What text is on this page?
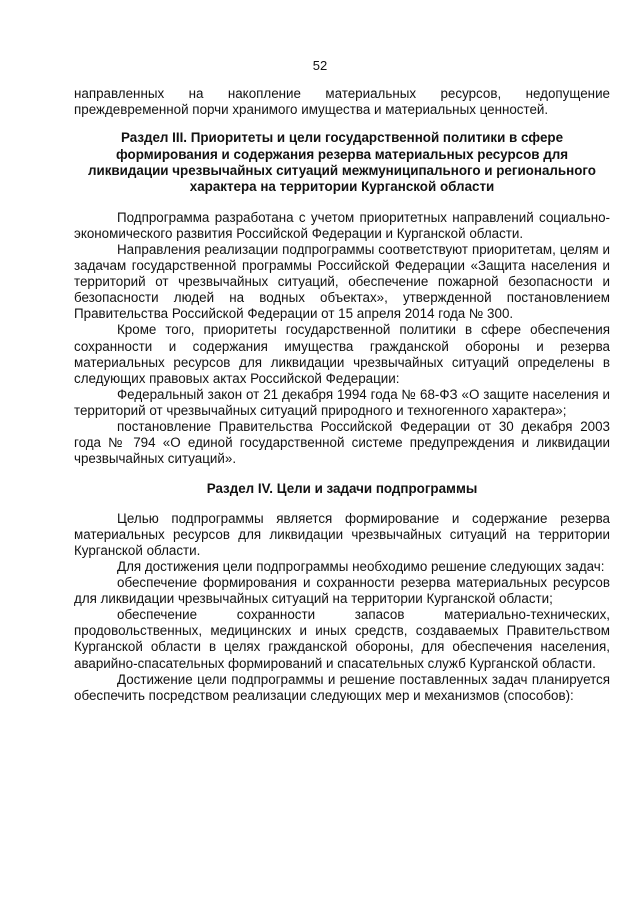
52

направленных на накопление материальных ресурсов, недопущение преждевременной порчи хранимого имущества и материальных ценностей.

Раздел III. Приоритеты и цели государственной политики в сфере формирования и содержания резерва материальных ресурсов для ликвидации чрезвычайных ситуаций межмуниципального и регионального характера на территории Курганской области

Подпрограмма разработана с учетом приоритетных направлений социально-экономического развития Российской Федерации и Курганской области.

Направления реализации подпрограммы соответствуют приоритетам, целям и задачам государственной программы Российской Федерации «Защита населения и территорий от чрезвычайных ситуаций, обеспечение пожарной безопасности и безопасности людей на водных объектах», утвержденной постановлением Правительства Российской Федерации от 15 апреля 2014 года № 300.

Кроме того, приоритеты государственной политики в сфере обеспечения сохранности и содержания имущества гражданской обороны и резерва материальных ресурсов для ликвидации чрезвычайных ситуаций определены в следующих правовых актах Российской Федерации:

Федеральный закон от 21 декабря 1994 года № 68-ФЗ «О защите населения и территорий от чрезвычайных ситуаций природного и техногенного характера»;

постановление Правительства Российской Федерации от 30 декабря 2003 года № 794 «О единой государственной системе предупреждения и ликвидации чрезвычайных ситуаций».

Раздел IV. Цели и задачи подпрограммы

Целью подпрограммы является формирование и содержание резерва материальных ресурсов для ликвидации чрезвычайных ситуаций на территории Курганской области.

Для достижения цели подпрограммы необходимо решение следующих задач:

обеспечение формирования и сохранности резерва материальных ресурсов для ликвидации чрезвычайных ситуаций на территории Курганской области;

обеспечение сохранности запасов материально-технических, продовольственных, медицинских и иных средств, создаваемых Правительством Курганской области в целях гражданской обороны, для обеспечения населения, аварийно-спасательных формирований и спасательных служб Курганской области.

Достижение цели подпрограммы и решение поставленных задач планируется обеспечить посредством реализации следующих мер и механизмов (способов):
